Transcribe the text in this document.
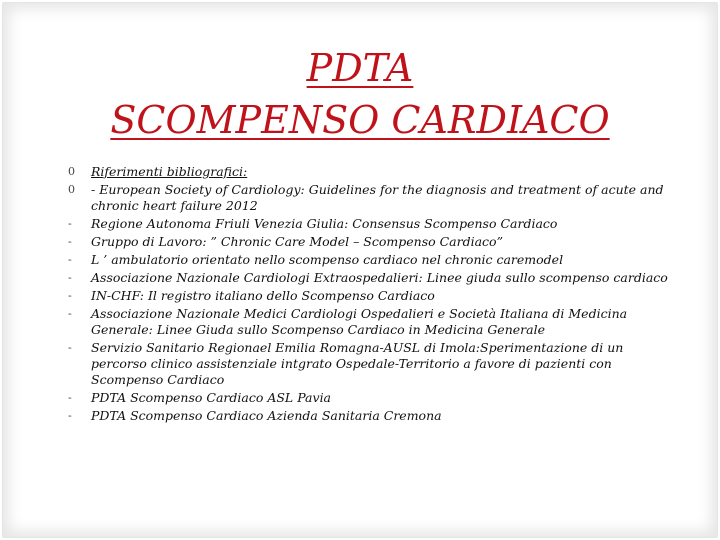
PDTA
SCOMPENSO CARDIACO
0	Riferimenti bibliografici:
0	- European Society of Cardiology: Guidelines for the diagnosis and treatment of acute and chronic heart failure 2012
-	Regione Autonoma Friuli Venezia Giulia: Consensus Scompenso Cardiaco
-	Gruppo di Lavoro: ” Chronic Care Model – Scompenso Cardiaco”
-	L ’ ambulatorio orientato nello scompenso cardiaco nel chronic caremodel
-	Associazione Nazionale Cardiologi Extraospedalieri: Linee giuda sullo scompenso cardiaco
-	IN-CHF: Il registro italiano dello Scompenso Cardiaco
-	Associazione Nazionale Medici Cardiologi Ospedalieri e Società Italiana di Medicina Generale: Linee Giuda sullo Scompenso Cardiaco in Medicina Generale
-	Servizio Sanitario Regionael Emilia Romagna-AUSL di Imola:Sperimentazione di un percorso clinico assistenziale intgrato Ospedale-Territorio a favore di pazienti con Scompenso Cardiaco
-	PDTA Scompenso Cardiaco ASL Pavia
-	PDTA Scompenso Cardiaco Azienda Sanitaria Cremona
